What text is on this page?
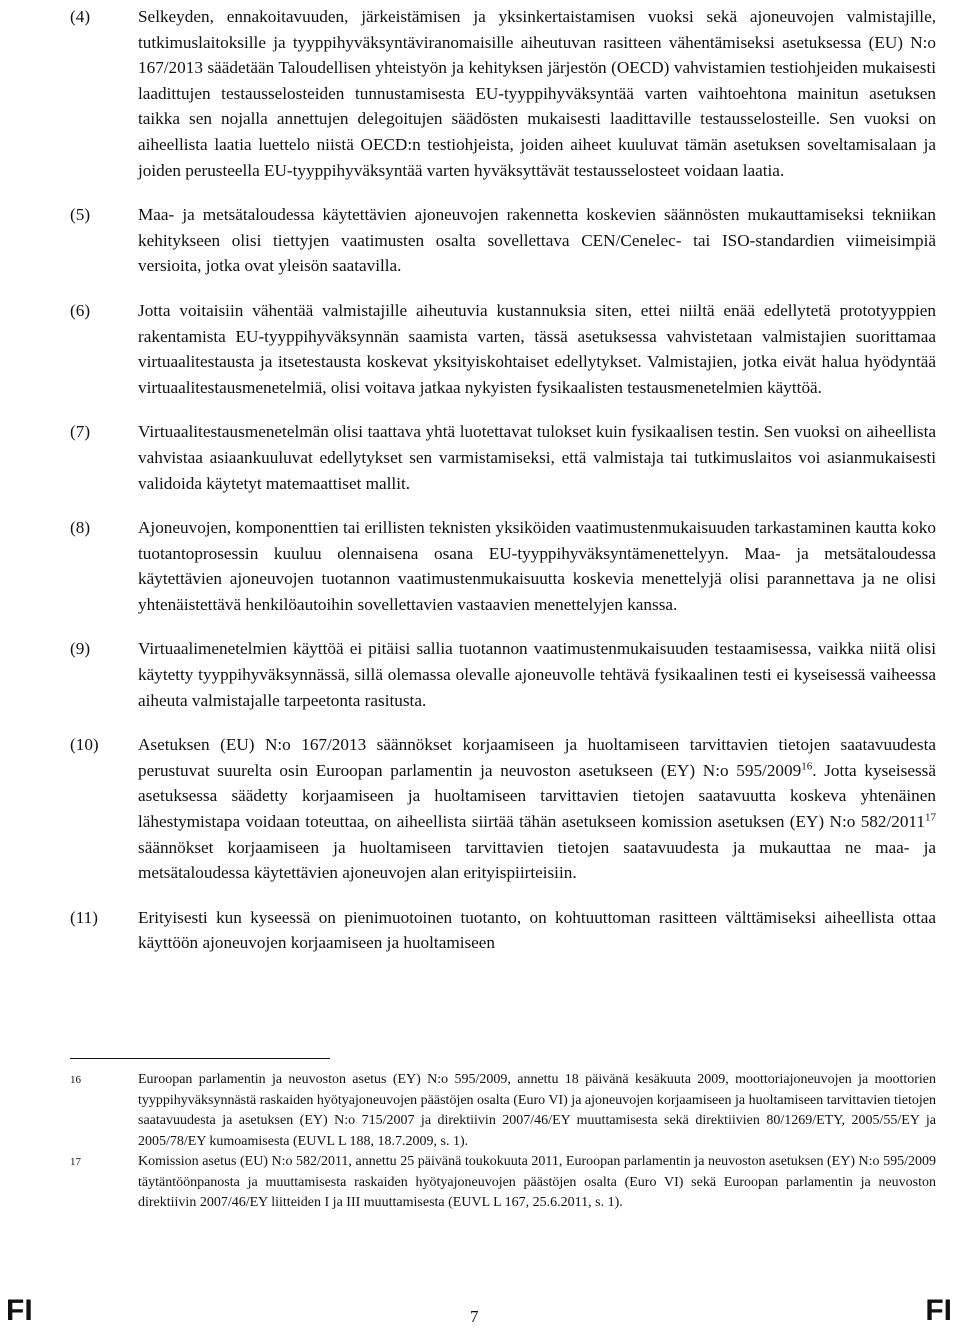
(4)	Selkeyden, ennakoitavuuden, järkeistämisen ja yksinkertaistamisen vuoksi sekä ajoneuvojen valmistajille, tutkimuslaitoksille ja tyyppihyväksyntäviranomaisille aiheutuvan rasitteen vähentämiseksi asetuksessa (EU) N:o 167/2013 säädetään Taloudellisen yhteistyön ja kehityksen järjestön (OECD) vahvistamien testiohjeiden mukaisesti laadittujen testausselosteiden tunnustamisesta EU-tyyppihyväksyntää varten vaihtoehtona mainitun asetuksen taikka sen nojalla annettujen delegoitujen säädösten mukaisesti laadittaville testausselosteille. Sen vuoksi on aiheellista laatia luettelo niistä OECD:n testiohjeista, joiden aiheet kuuluvat tämän asetuksen soveltamisalaan ja joiden perusteella EU-tyyppihyväksyntää varten hyväksyttävät testausselosteet voidaan laatia.
(5)	Maa- ja metsätaloudessa käytettävien ajoneuvojen rakennetta koskevien säännösten mukauttamiseksi tekniikan kehitykseen olisi tiettyjen vaatimusten osalta sovellettava CEN/Cenelec- tai ISO-standardien viimeisimpiä versioita, jotka ovat yleisön saatavilla.
(6)	Jotta voitaisiin vähentää valmistajille aiheutuvia kustannuksia siten, ettei niiltä enää edellytetä prototyyppien rakentamista EU-tyyppihyväksynnän saamista varten, tässä asetuksessa vahvistetaan valmistajien suorittamaa virtuaalitestausta ja itsetestausta koskevat yksityiskohtaiset edellytykset. Valmistajien, jotka eivät halua hyödyntää virtuaalitestausmenetelmiä, olisi voitava jatkaa nykyisten fysikaalisten testausmenetelmien käyttöä.
(7)	Virtuaalitestausmenetelmän olisi taattava yhtä luotettavat tulokset kuin fysikaalisen testin. Sen vuoksi on aiheellista vahvistaa asiaankuuluvat edellytykset sen varmistamiseksi, että valmistaja tai tutkimuslaitos voi asianmukaisesti validoida käytetyt matemaattiset mallit.
(8)	Ajoneuvojen, komponenttien tai erillisten teknisten yksiköiden vaatimustenmukaisuuden tarkastaminen kautta koko tuotantoprosessin kuuluu olennaisena osana EU-tyyppihyväksyntämenettelyyn. Maa- ja metsätaloudessa käytettävien ajoneuvojen tuotannon vaatimustenmukaisuutta koskevia menettelyjä olisi parannettava ja ne olisi yhtenäistettävä henkilöautoihin sovellettavien vastaavien menettelyjen kanssa.
(9)	Virtuaalimenetelmien käyttöä ei pitäisi sallia tuotannon vaatimustenmukaisuuden testaamisessa, vaikka niitä olisi käytetty tyyppihyväksynnässä, sillä olemassa olevalle ajoneuvolle tehtävä fysikaalinen testi ei kyseisessä vaiheessa aiheuta valmistajalle tarpeetonta rasitusta.
(10)	Asetuksen (EU) N:o 167/2013 säännökset korjaamiseen ja huoltamiseen tarvittavien tietojen saatavuudesta perustuvat suurelta osin Euroopan parlamentin ja neuvoston asetukseen (EY) N:o 595/2009$^{16}$. Jotta kyseisessä asetuksessa säädetty korjaamiseen ja huoltamiseen tarvittavien tietojen saatavuutta koskeva yhtenäinen lähestymistapa voidaan toteuttaa, on aiheellista siirtää tähän asetukseen komission asetuksen (EY) N:o 582/2011$^{17}$ säännökset korjaamiseen ja huoltamiseen tarvittavien tietojen saatavuudesta ja mukauttaa ne maa- ja metsätaloudessa käytettävien ajoneuvojen alan erityispiirteisiin.
(11)	Erityisesti kun kyseessä on pienimuotoinen tuotanto, on kohtuuttoman rasitteen välttämiseksi aiheellista ottaa käyttöön ajoneuvojen korjaamiseen ja huoltamiseen
16	Euroopan parlamentin ja neuvoston asetus (EY) N:o 595/2009, annettu 18 päivänä kesäkuuta 2009, moottoriajoneuvojen ja moottorien tyyppihyväksynnästä raskaiden hyötyajoneuvojen päästöjen osalta (Euro VI) ja ajoneuvojen korjaamiseen ja huoltamiseen tarvittavien tietojen saatavuudesta ja asetuksen (EY) N:o 715/2007 ja direktiivin 2007/46/EY muuttamisesta sekä direktiivien 80/1269/ETY, 2005/55/EY ja 2005/78/EY kumoamisesta (EUVL L 188, 18.7.2009, s. 1).
17	Komission asetus (EU) N:o 582/2011, annettu 25 päivänä toukokuuta 2011, Euroopan parlamentin ja neuvoston asetuksen (EY) N:o 595/2009 täytäntöönpanosta ja muuttamisesta raskaiden hyötyajoneuvojen päästöjen osalta (Euro VI) sekä Euroopan parlamentin ja neuvoston direktiivin 2007/46/EY liitteiden I ja III muuttamisesta (EUVL L 167, 25.6.2011, s. 1).
FI	7	FI
